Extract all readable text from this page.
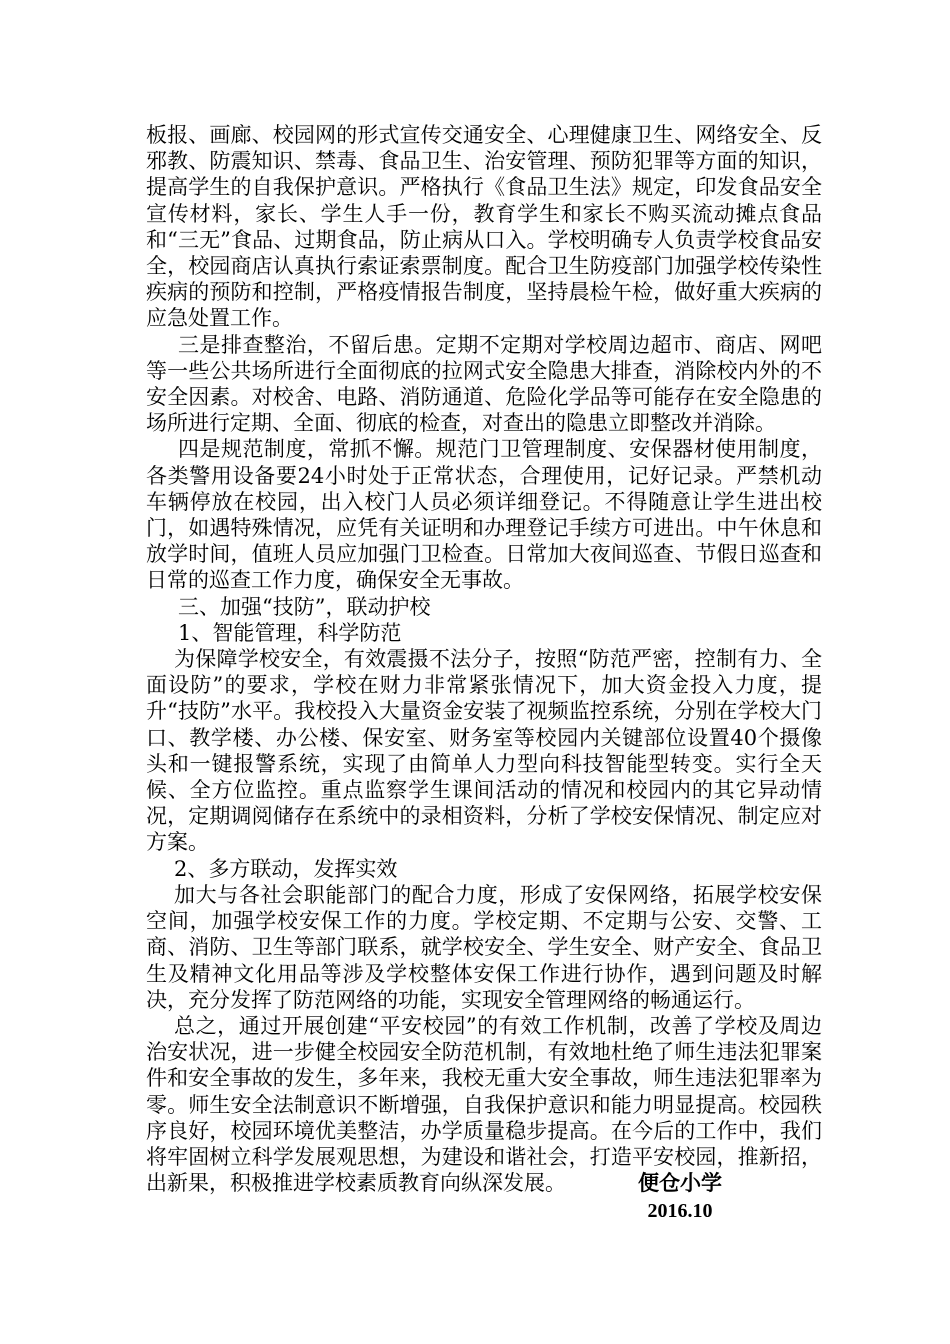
板报、画廊、校园网的形式宣传交通安全、心理健康卫生、网络安全、反邪教、防震知识、禁毒、食品卫生、治安管理、预防犯罪等方面的知识，提高学生的自我保护意识。严格执行《食品卫生法》规定，印发食品安全宣传材料，家长、学生人手一份，教育学生和家长不购买流动摊点食品和“三无”食品、过期食品，防止病从口入。学校明确专人负责学校食品安全，校园商店认真执行索证索票制度。配合卫生防疫部门加强学校传染性疾病的预防和控制，严格疫情报告制度，坚持晨检午检，做好重大疾病的应急处置工作。

三是排查整治，不留后患。定期不定期对学校周边超市、商店、网吧等一些公共场所进行全面彻底的拉网式安全隐患大排查，消除校内外的不安全因素。对校舍、电路、消防通道、危险化学品等可能存在安全隐患的场所进行定期、全面、彻底的检查，对查出的隐患立即整改并消除。

四是规范制度，常抓不懈。规范门卫管理制度、安保器材使用制度，各类警用设备要24小时处于正常状态，合理使用，记好记录。严禁机动车辆停放在校园，出入校门人员必须详细登记。不得随意让学生进出校门，如遇特殊情况，应凭有关证明和办理登记手续方可进出。中午休息和放学时间，值班人员应加强门卫检查。日常加大夜间巡查、节假日巡查和日常的巡查工作力度，确保安全无事故。

三、加强“技防”，联动护校

1、智能管理，科学防范

为保障学校安全，有效震摄不法分子，按照“防范严密，控制有力、全面设防”的要求，学校在财力非常紧张情况下，加大资金投入力度，提升“技防”水平。我校投入大量资金安装了视频监控系统，分别在学校大门口、教学楼、办公楼、保安室、财务室等校园内关键部位设置40个摄像头和一键报警系统，实现了由简单人力型向科技智能型转变。实行全天候、全方位监控。重点监察学生课间活动的情况和校园内的其它异动情况，定期调阅储存在系统中的录相资料，分析了学校安保情况、制定应对方案。

2、多方联动，发挥实效

加大与各社会职能部门的配合力度，形成了安保网络，拓展学校安保空间，加强学校安保工作的力度。学校定期、不定期与公安、交警、工商、消防、卫生等部门联系，就学校安全、学生安全、财产安全、食品卫生及精神文化用品等涉及学校整体安保工作进行协作，遇到问题及时解决，充分发挥了防范网络的功能，实现安全管理网络的畅通运行。

总之，通过开展创建“平安校园”的有效工作机制，改善了学校及周边治安状况，进一步健全校园安全防范机制，有效地杜绝了师生违法犯罪案件和安全事故的发生，多年来，我校无重大安全事故，师生违法犯罪率为零。师生安全法制意识不断增强，自我保护意识和能力明显提高。校园秩序良好，校园环境优美整洁，办学质量稳步提高。在今后的工作中，我们将牢固树立科学发展观思想，为建设和谐社会，打造平安校园，推新招，出新果，积极推进学校素质教育向纵深发展。	便仓小学
2016.10
